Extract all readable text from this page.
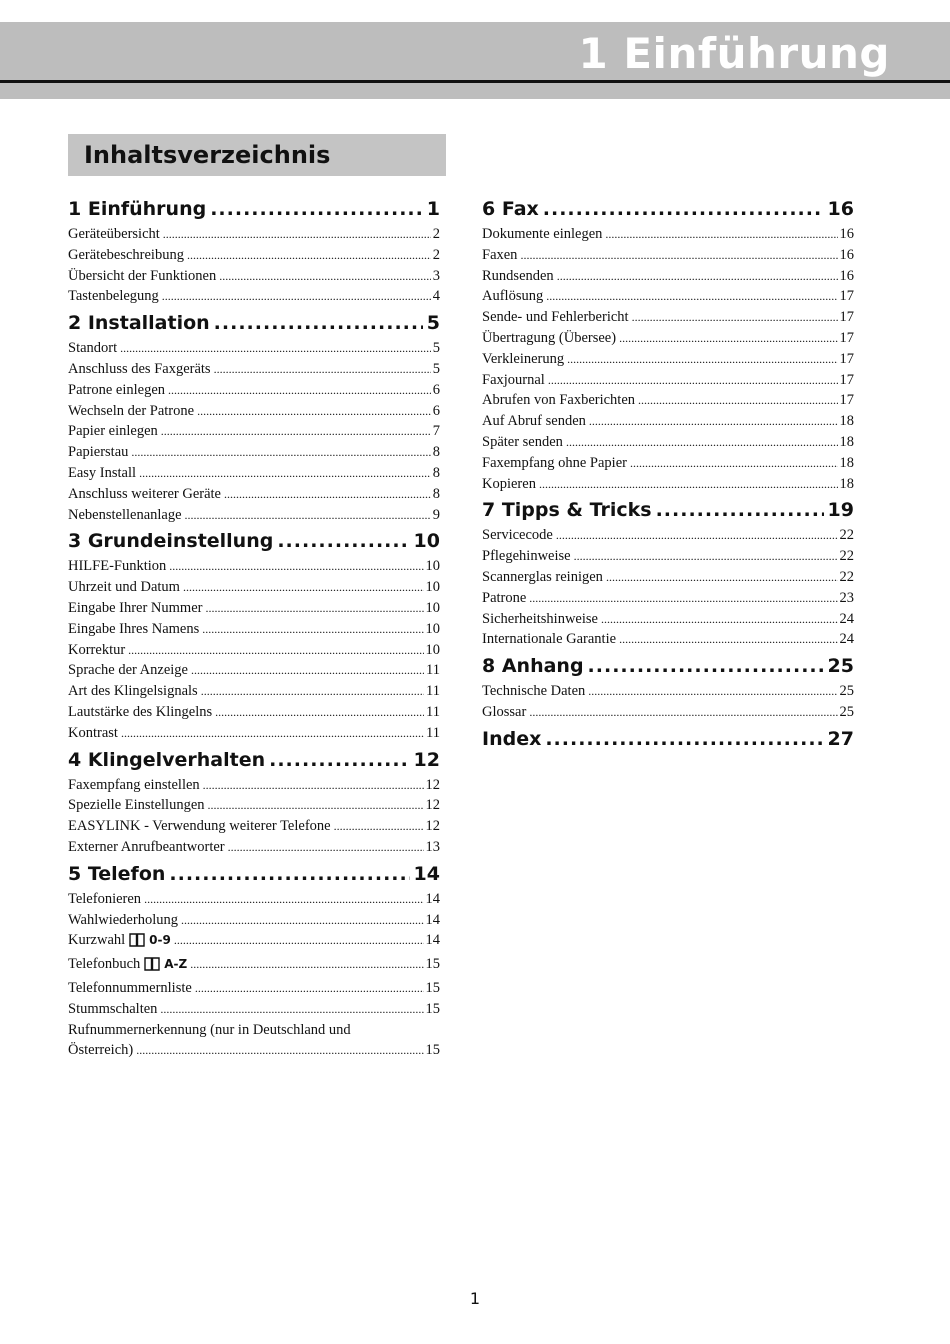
1 Einführung
Inhaltsverzeichnis
1 Einführung .....	1
Geräteübersicht .....	2
Gerätebeschreibung .....	2
Übersicht der Funktionen .....	3
Tastenbelegung .....	4
2 Installation .....	5
Standort .....	5
Anschluss des Faxgeräts .....	5
Patrone einlegen .....	6
Wechseln der Patrone .....	6
Papier einlegen .....	7
Papierstau .....	8
Easy Install .....	8
Anschluss weiterer Geräte .....	8
Nebenstellenanlage .....	9
3 Grundeinstellung .....	10
HILFE-Funktion .....	10
Uhrzeit und Datum .....	10
Eingabe Ihrer Nummer .....	10
Eingabe Ihres Namens .....	10
Korrektur .....	10
Sprache der Anzeige .....	11
Art des Klingelsignals .....	11
Lautstärke des Klingelns .....	11
Kontrast .....	11
4 Klingelverhalten .....	12
Faxempfang einstellen .....	12
Spezielle Einstellungen .....	12
EASYLINK - Verwendung weiterer Telefone .....	12
Externer Anrufbeantworter .....	13
5 Telefon .....	14
Telefonieren .....	14
Wahlwiederholung .....	14
Kurzwahl 0-9 .....	14
Telefonbuch A-Z .....	15
Telefonnummernliste .....	15
Stummschalten .....	15
Rufnummernerkennung (nur in Deutschland und
Österreich) .....	15
6 Fax .....	16
Dokumente einlegen .....	16
Faxen .....	16
Rundsenden .....	16
Auflösung .....	17
Sende- und Fehlerbericht .....	17
Übertragung (Übersee) .....	17
Verkleinerung .....	17
Faxjournal .....	17
Abrufen von Faxberichten .....	17
Auf Abruf senden .....	18
Später senden .....	18
Faxempfang ohne Papier .....	18
Kopieren .....	18
7 Tipps & Tricks .....	19
Servicecode .....	22
Pflegehinweise .....	22
Scannerglas reinigen .....	22
Patrone .....	23
Sicherheitshinweise .....	24
Internationale Garantie .....	24
8 Anhang .....	25
Technische Daten .....	25
Glossar .....	25
Index .....	27
1
